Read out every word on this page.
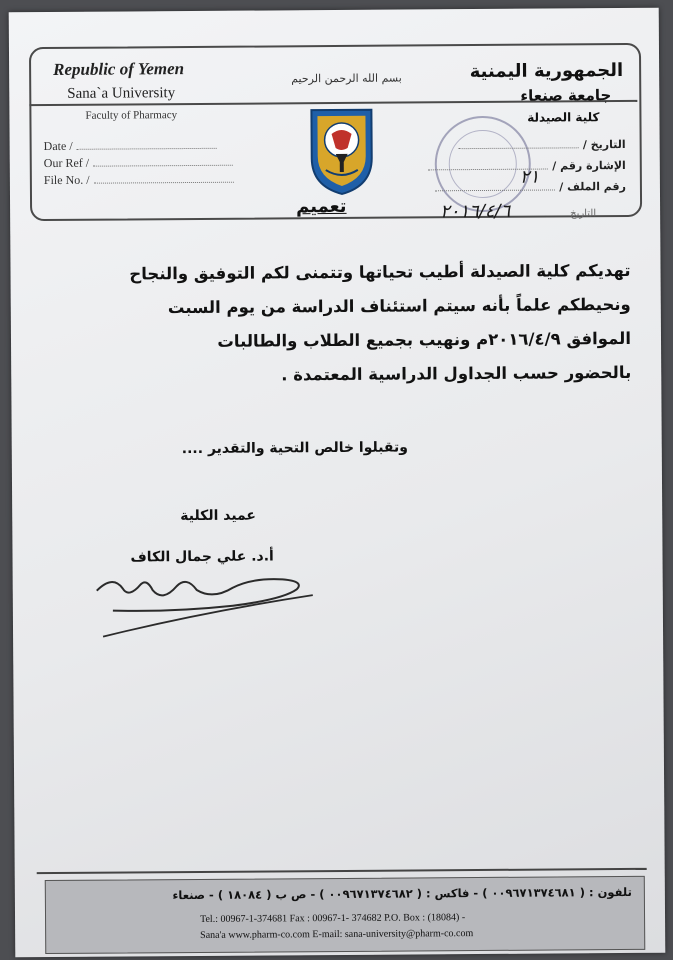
Republic of Yemen
Sana`a University
Faculty of Pharmacy
Date /
Our Ref /
File No. /
بسم الله الرحمن الرحيم	الجمهورية اليمنية
جامعة صنعاء
كلية الصيدلة
التاريخ /
الإشارة رقم /
رقم الملف /
٢١
٢٠١٦/٤/٦	التاريخ
تعميم
تهديكم كلية الصيدلة أطيب تحياتها وتتمنى لكم التوفيق والنجاح
ونحيطكم علماً بأنه سيتم استئناف الدراسة من يوم السبت
الموافق ٢٠١٦/٤/٩م ونهيب بجميع الطلاب والطالبات
بالحضور حسب الجداول الدراسية المعتمدة .
وتقبلوا خالص التحية والتقدير ....
عميد الكلية
أ.د. علي جمال الكاف
تلفون : ( ٠٠٩٦٧١٣٧٤٦٨١ ) - فاكس : ( ٠٠٩٦٧١٣٧٤٦٨٢ ) - ص ب ( ١٨٠٨٤ ) - صنعاء
Tel.: 00967-1-374681 Fax : 00967-1- 374682 P.O. Box : (18084) -
Sana'a www.pharm-co.com E-mail: sana-university@pharm-co.com
